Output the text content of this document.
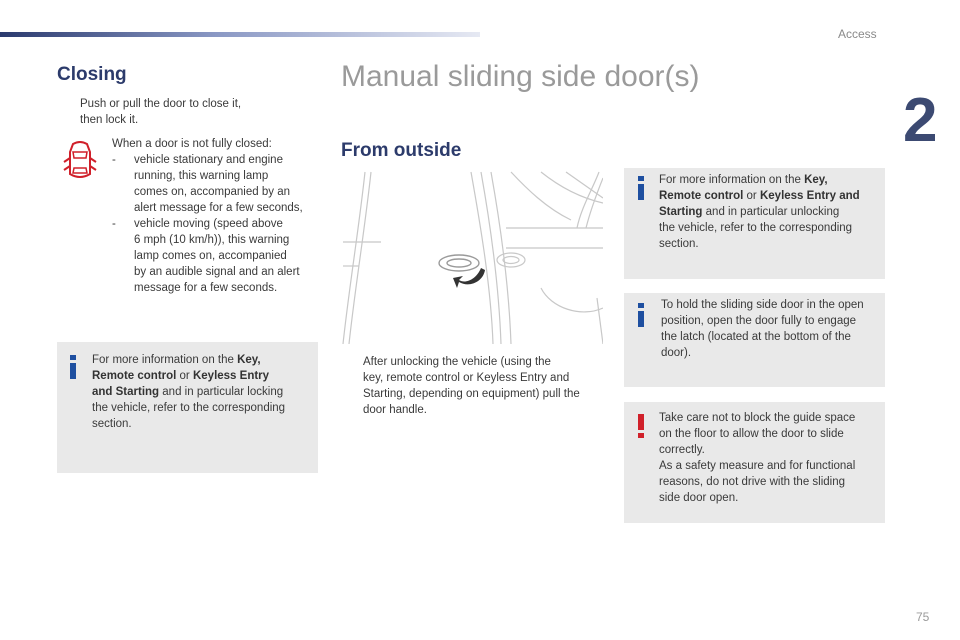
Access
2
75
Closing
Push or pull the door to close it,
then lock it.
When a door is not fully closed:
- vehicle stationary and engine
running, this warning lamp
comes on, accompanied by an
alert message for a few seconds,
- vehicle moving (speed above
6 mph (10 km/h)), this warning
lamp comes on, accompanied
by an audible signal and an alert
message for a few seconds.
For more information on the Key,
Remote control or Keyless Entry
and Starting and in particular locking
the vehicle, refer to the corresponding
section.
Manual sliding side door(s)
From outside
After unlocking the vehicle (using the
key, remote control or Keyless Entry and
Starting, depending on equipment) pull the
door handle.
For more information on the Key,
Remote control or Keyless Entry and
Starting and in particular unlocking
the vehicle, refer to the corresponding
section.
To hold the sliding side door in the open
position, open the door fully to engage
the latch (located at the bottom of the
door).
Take care not to block the guide space
on the floor to allow the door to slide
correctly.
As a safety measure and for functional
reasons, do not drive with the sliding
side door open.
